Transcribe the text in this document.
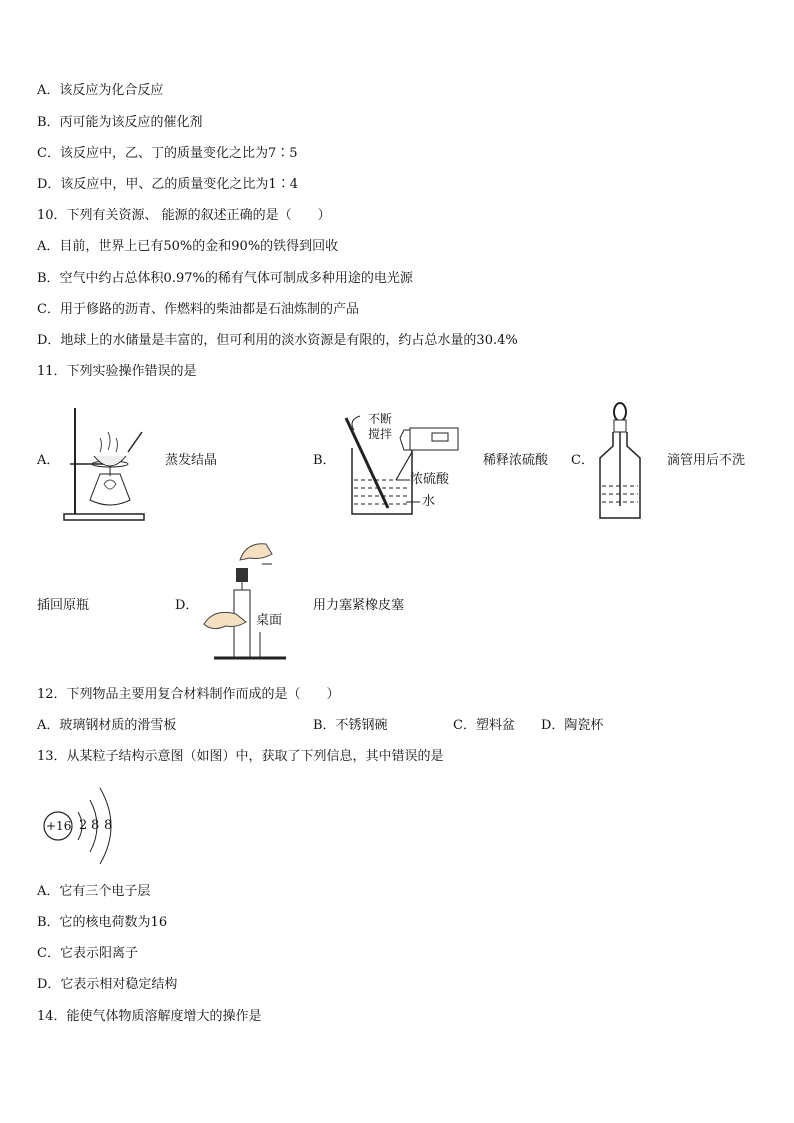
A．该反应为化合反应
B．丙可能为该反应的催化剂
C．该反应中，乙、丁的质量变化之比为7∶5
D．该反应中，甲、乙的质量变化之比为1∶4
10．下列有关资源、 能源的叙述正确的是（　　）
A．目前，世界上已有50%的金和90%的铁得到回收
B．空气中约占总体积0.97%的稀有气体可制成多种用途的电光源
C．用于修路的沥青、作燃料的柴油都是石油炼制的产品
D．地球上的水储量是丰富的，但可利用的淡水资源是有限的，约占总水量的30.4%
11．下列实验操作错误的是
A．	蒸发结晶	B．
不断
搅拌
浓硫酸
水
稀释浓硫酸 C．	滴管用后不洗
插回原瓶	D．
桌面
用力塞紧橡皮塞
12．下列物品主要用复合材料制作而成的是（　　）
A．玻璃钢材质的滑雪板	B．不锈钢碗	C．塑料盆 D．陶瓷杯
13．从某粒子结构示意图（如图）中，获取了下列信息，其中错误的是
+16 2 8 8
A．它有三个电子层
B．它的核电荷数为16
C．它表示阳离子
D．它表示相对稳定结构
14．能使气体物质溶解度增大的操作是
